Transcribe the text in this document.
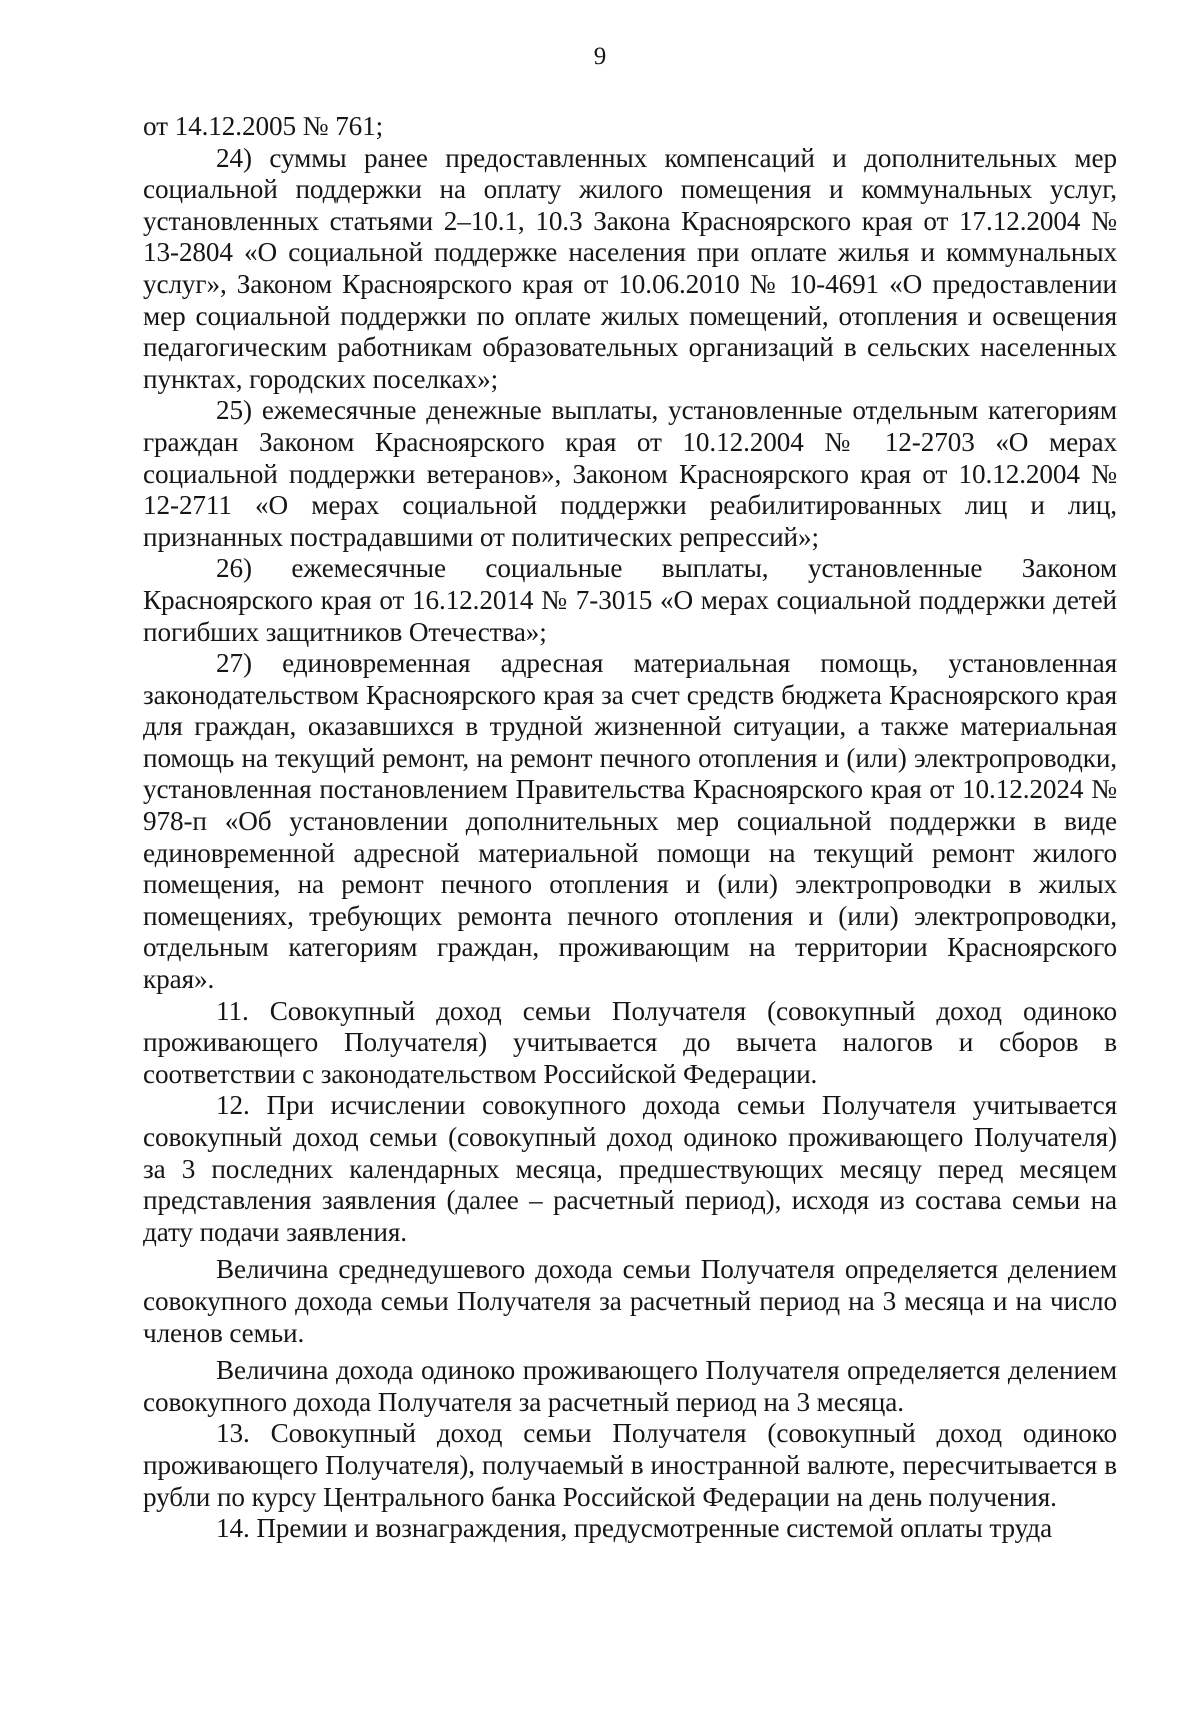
9

от 14.12.2005 № 761;

24) суммы ранее предоставленных компенсаций и дополнительных мер социальной поддержки на оплату жилого помещения и коммунальных услуг, установленных статьями 2–10.1, 10.3 Закона Красноярского края от 17.12.2004 № 13-2804 «О социальной поддержке населения при оплате жилья и коммунальных услуг», Законом Красноярского края от 10.06.2010 № 10-4691 «О предоставлении мер социальной поддержки по оплате жилых помещений, отопления и освещения педагогическим работникам образовательных организаций в сельских населенных пунктах, городских поселках»;

25) ежемесячные денежные выплаты, установленные отдельным категориям граждан Законом Красноярского края от 10.12.2004 № 12-2703 «О мерах социальной поддержки ветеранов», Законом Красноярского края от 10.12.2004 № 12-2711 «О мерах социальной поддержки реабилитированных лиц и лиц, признанных пострадавшими от политических репрессий»;

26) ежемесячные социальные выплаты, установленные Законом Красноярского края от 16.12.2014 № 7-3015 «О мерах социальной поддержки детей погибших защитников Отечества»;

27) единовременная адресная материальная помощь, установленная законодательством Красноярского края за счет средств бюджета Красноярского края для граждан, оказавшихся в трудной жизненной ситуации, а также материальная помощь на текущий ремонт, на ремонт печного отопления и (или) электропроводки, установленная постановлением Правительства Красноярского края от 10.12.2024 № 978-п «Об установлении дополнительных мер социальной поддержки в виде единовременной адресной материальной помощи на текущий ремонт жилого помещения, на ремонт печного отопления и (или) электропроводки в жилых помещениях, требующих ремонта печного отопления и (или) электропроводки, отдельным категориям граждан, проживающим на территории Красноярского края».

11. Совокупный доход семьи Получателя (совокупный доход одиноко проживающего Получателя) учитывается до вычета налогов и сборов в соответствии с законодательством Российской Федерации.

12. При исчислении совокупного дохода семьи Получателя учитывается совокупный доход семьи (совокупный доход одиноко проживающего Получателя) за 3 последних календарных месяца, предшествующих месяцу перед месяцем представления заявления (далее – расчетный период), исходя из состава семьи на дату подачи заявления.

Величина среднедушевого дохода семьи Получателя определяется делением совокупного дохода семьи Получателя за расчетный период на 3 месяца и на число членов семьи.

Величина дохода одиноко проживающего Получателя определяется делением совокупного дохода Получателя за расчетный период на 3 месяца.

13. Совокупный доход семьи Получателя (совокупный доход одиноко проживающего Получателя), получаемый в иностранной валюте, пересчитывается в рубли по курсу Центрального банка Российской Федерации на день получения.

14. Премии и вознаграждения, предусмотренные системой оплаты труда
